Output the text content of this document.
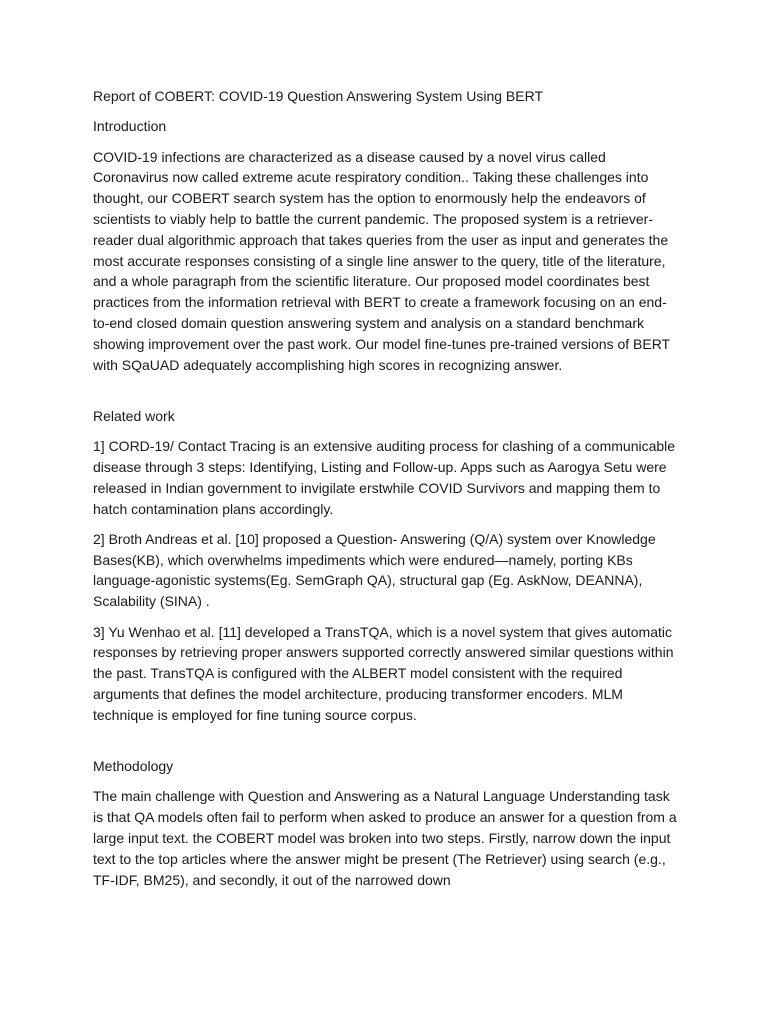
Report of COBERT: COVID-19 Question Answering System Using BERT

Introduction

COVID-19 infections are characterized as a disease caused by a novel virus called Coronavirus now called extreme acute respiratory condition.. Taking these challenges into thought, our COBERT search system has the option to enormously help the endeavors of scientists to viably help to battle the current pandemic. The proposed system is a retriever-reader dual algorithmic approach that takes queries from the user as input and generates the most accurate responses consisting of a single line answer to the query, title of the literature, and a whole paragraph from the scientific literature. Our proposed model coordinates best practices from the information retrieval with BERT to create a framework focusing on an end-to-end closed domain question answering system and analysis on a standard benchmark showing improvement over the past work. Our model fine-tunes pre-trained versions of BERT with SQaUAD adequately accomplishing high scores in recognizing answer.

Related work

1] CORD-19/ Contact Tracing is an extensive auditing process for clashing of a communicable disease through 3 steps: Identifying, Listing and Follow-up. Apps such as Aarogya Setu were released in Indian government to invigilate erstwhile COVID Survivors and mapping them to hatch contamination plans accordingly.

2] Broth Andreas et al. [10] proposed a Question- Answering (Q/A) system over Knowledge Bases(KB), which overwhelms impediments which were endured—namely, porting KBs language-agonistic systems(Eg. SemGraph QA), structural gap (Eg. AskNow, DEANNA), Scalability (SINA) .

3] Yu Wenhao et al. [11] developed a TransTQA, which is a novel system that gives automatic responses by retrieving proper answers supported correctly answered similar questions within the past. TransTQA is configured with the ALBERT model consistent with the required arguments that defines the model architecture, producing transformer encoders. MLM technique is employed for fine tuning source corpus.

Methodology

The main challenge with Question and Answering as a Natural Language Understanding task is that QA models often fail to perform when asked to produce an answer for a question from a large input text. the COBERT model was broken into two steps. Firstly, narrow down the input text to the top articles where the answer might be present (The Retriever) using search (e.g., TF-IDF, BM25), and secondly, it out of the narrowed down
